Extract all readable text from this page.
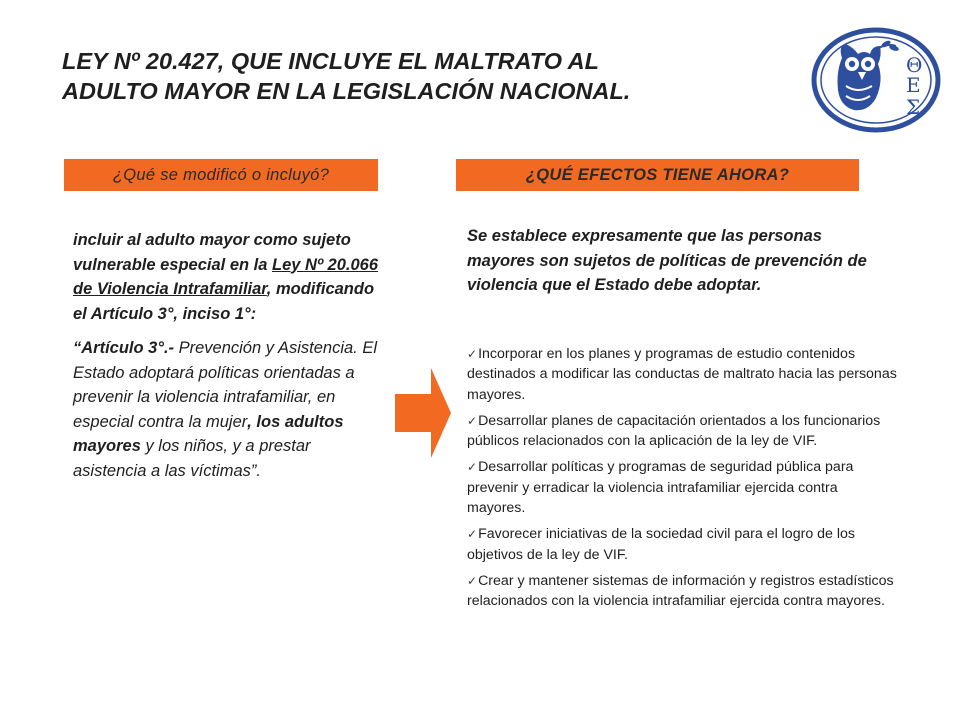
LEY Nº 20.427, QUE INCLUYE EL MALTRATO AL
ADULTO MAYOR EN LA LEGISLACIÓN NACIONAL.
Θ
Ε
Σ
¿Qué se modificó o incluyó?	¿QUÉ EFECTOS TIENE AHORA?

incluir al adulto mayor como sujeto vulnerable especial en la Ley Nº 20.066 de Violencia Intrafamiliar, modificando el Artículo 3°, inciso 1°:

“Artículo 3°.- Prevención y Asistencia. El Estado adoptará políticas orientadas a prevenir la violencia intrafamiliar, en especial contra la mujer, los adultos mayores y los niños, y a prestar asistencia a las víctimas”.

Se establece expresamente que las personas mayores son sujetos de políticas de prevención de violencia que el Estado debe adoptar.

✓Incorporar en los planes y programas de estudio contenidos destinados a modificar las conductas de maltrato hacia las personas mayores.
✓Desarrollar planes de capacitación orientados a los funcionarios públicos relacionados con la aplicación de la ley de VIF.
✓Desarrollar políticas y programas de seguridad pública para prevenir y erradicar la violencia intrafamiliar ejercida contra mayores.
✓Favorecer iniciativas de la sociedad civil para el logro de los objetivos de la ley de VIF.
✓Crear y mantener sistemas de información y registros estadísticos relacionados con la violencia intrafamiliar ejercida contra mayores.
